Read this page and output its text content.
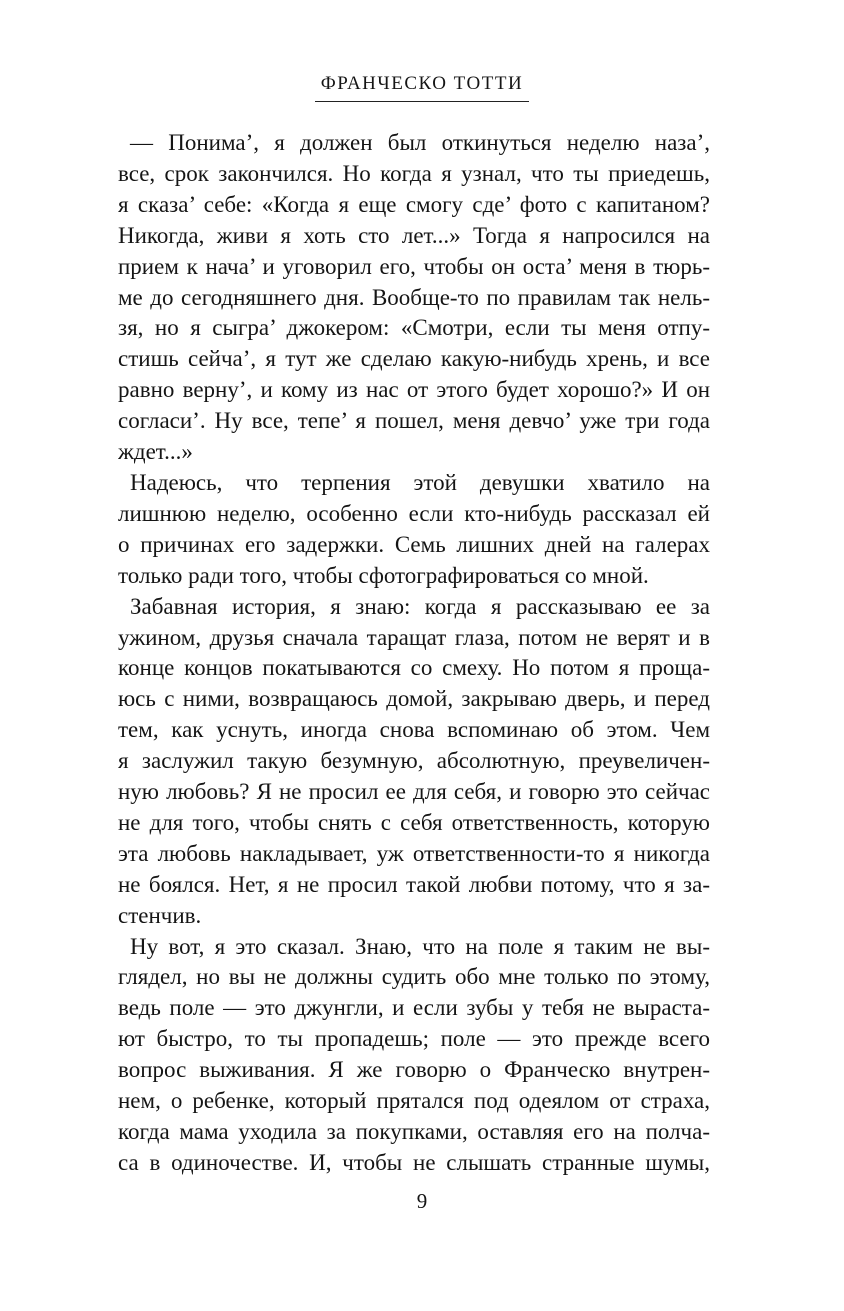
ФРАНЧЕСКО ТОТТИ
— Понима’, я должен был откинуться неделю наза’,
все, срок закончился. Но когда я узнал, что ты приедешь,
я сказа’ себе: «Когда я еще смогу сде’ фото с капитаном?
Никогда, живи я хоть сто лет...» Тогда я напросился на
прием к нача’ и уговорил его, чтобы он оста’ меня в тюрь-
ме до сегодняшнего дня. Вообще-то по правилам так нель-
зя, но я сыгра’ джокером: «Смотри, если ты меня отпу-
стишь сейча’, я тут же сделаю какую-нибудь хрень, и все
равно верну’, и кому из нас от этого будет хорошо?» И он
согласи’. Ну все, тепе’ я пошел, меня девчо’ уже три года
ждет...»
Надеюсь, что терпения этой девушки хватило на
лишнюю неделю, особенно если кто-нибудь рассказал ей
о причинах его задержки. Семь лишних дней на галерах
только ради того, чтобы сфотографироваться со мной.
Забавная история, я знаю: когда я рассказываю ее за
ужином, друзья сначала таращат глаза, потом не верят и в
конце концов покатываются со смеху. Но потом я проща-
юсь с ними, возвращаюсь домой, закрываю дверь, и перед
тем, как уснуть, иногда снова вспоминаю об этом. Чем
я заслужил такую безумную, абсолютную, преувеличен-
ную любовь? Я не просил ее для себя, и говорю это сейчас
не для того, чтобы снять с себя ответственность, которую
эта любовь накладывает, уж ответственности-то я никогда
не боялся. Нет, я не просил такой любви потому, что я за-
стенчив.
Ну вот, я это сказал. Знаю, что на поле я таким не вы-
глядел, но вы не должны судить обо мне только по этому,
ведь поле — это джунгли, и если зубы у тебя не выраста-
ют быстро, то ты пропадешь; поле — это прежде всего
вопрос выживания. Я же говорю о Франческо внутрен-
нем, о ребенке, который прятался под одеялом от страха,
когда мама уходила за покупками, оставляя его на полча-
са в одиночестве. И, чтобы не слышать странные шумы,
9
